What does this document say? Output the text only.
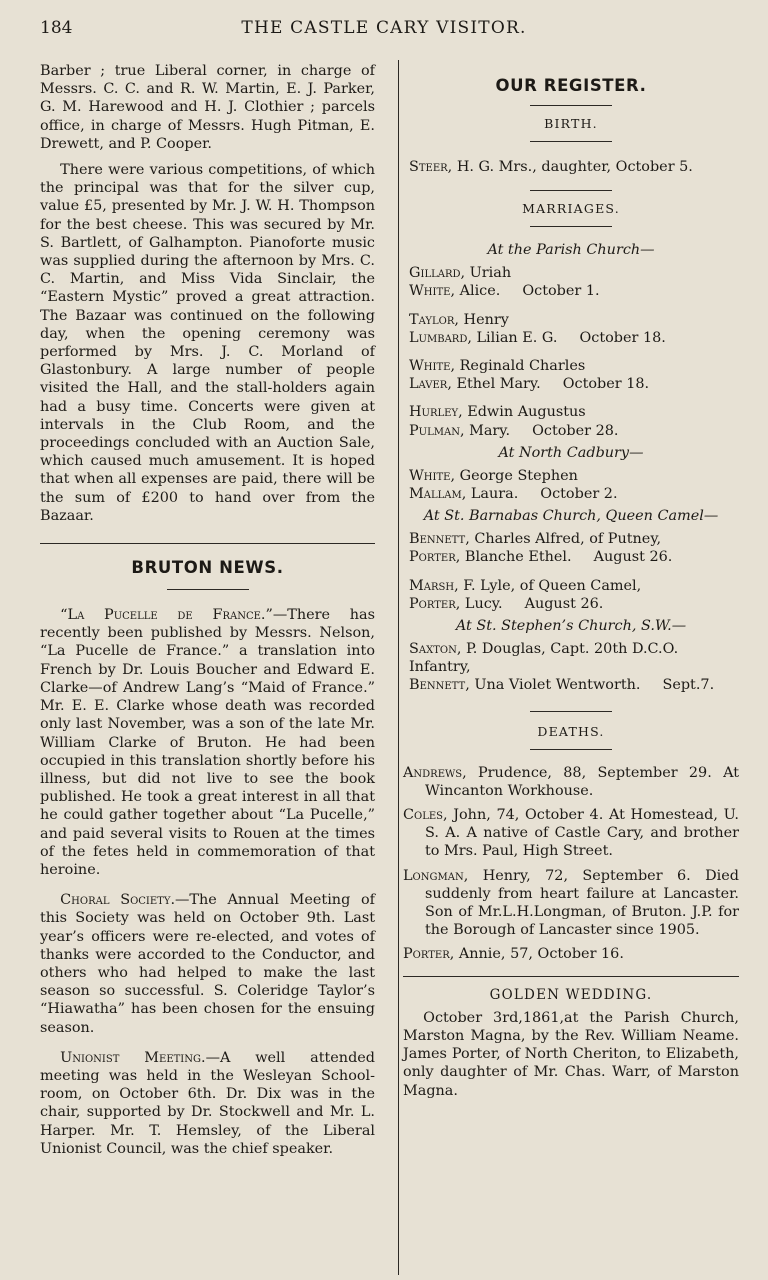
184	THE CASTLE CARY VISITOR.

Barber ; true Liberal corner, in charge of Messrs. C. C. and R. W. Martin, E. J. Parker, G. M. Harewood and H. J. Clothier ; parcels office, in charge of Messrs. Hugh Pitman, E. Drewett, and P. Cooper.

There were various competitions, of which the principal was that for the silver cup, value £5, presented by Mr. J. W. H. Thompson for the best cheese. This was secured by Mr. S. Bartlett, of Galhampton. Pianoforte music was supplied during the afternoon by Mrs. C. C. Martin, and Miss Vida Sinclair, the “Eastern Mystic” proved a great attraction. The Bazaar was continued on the following day, when the opening ceremony was performed by Mrs. J. C. Morland of Glastonbury. A large number of people visited the Hall, and the stall-holders again had a busy time. Concerts were given at intervals in the Club Room, and the proceedings concluded with an Auction Sale, which caused much amusement. It is hoped that when all expenses are paid, there will be the sum of £200 to hand over from the Bazaar.

BRUTON NEWS.

“La Pucelle de France.”—There has recently been published by Messrs. Nelson, “La Pucelle de France.” a translation into French by Dr. Louis Boucher and Edward E. Clarke—of Andrew Lang’s “Maid of France.” Mr. E. E. Clarke whose death was recorded only last November, was a son of the late Mr. William Clarke of Bruton. He had been occupied in this translation shortly before his illness, but did not live to see the book published. He took a great interest in all that he could gather together about “La Pucelle,” and paid several visits to Rouen at the times of the fetes held in commemoration of that heroine.

Choral Society.—The Annual Meeting of this Society was held on October 9th. Last year’s officers were re-elected, and votes of thanks were accorded to the Conductor, and others who had helped to make the last season so successful. S. Coleridge Taylor’s “Hiawatha” has been chosen for the ensuing season.

Unionist Meeting.—A well attended meeting was held in the Wesleyan School-room, on October 6th. Dr. Dix was in the chair, supported by Dr. Stockwell and Mr. L. Harper. Mr. T. Hemsley, of the Liberal Unionist Council, was the chief speaker.

OUR REGISTER.
BIRTH.
Steer, H. G. Mrs., daughter, October 5.
MARRIAGES.
At the Parish Church—
Gillard, Uriah
White, Alice. October 1.
Taylor, Henry
Lumbard, Lilian E. G. October 18.
White, Reginald Charles
Laver, Ethel Mary. October 18.
Hurley, Edwin Augustus
Pulman, Mary. October 28.
At North Cadbury—
White, George Stephen
Mallam, Laura. October 2.
At St. Barnabas Church, Queen Camel—
Bennett, Charles Alfred, of Putney,
Porter, Blanche Ethel. August 26.
Marsh, F. Lyle, of Queen Camel,
Porter, Lucy. August 26.
At St. Stephen’s Church, S.W.—
Saxton, P. Douglas, Capt. 20th D.C.O. Infantry,
Bennett, Una Violet Wentworth. Sept.7.
DEATHS.
Andrews, Prudence, 88, September 29. At Wincanton Workhouse.
Coles, John, 74, October 4. At Homestead, U. S. A. A native of Castle Cary, and brother to Mrs. Paul, High Street.
Longman, Henry, 72, September 6. Died suddenly from heart failure at Lancaster. Son of Mr.L.H.Longman, of Bruton. J.P. for the Borough of Lancaster since 1905.
Porter, Annie, 57, October 16.
GOLDEN WEDDING.

October 3rd,1861,at the Parish Church, Marston Magna, by the Rev. William Neame. James Porter, of North Cheriton, to Elizabeth, only daughter of Mr. Chas. Warr, of Marston Magna.
